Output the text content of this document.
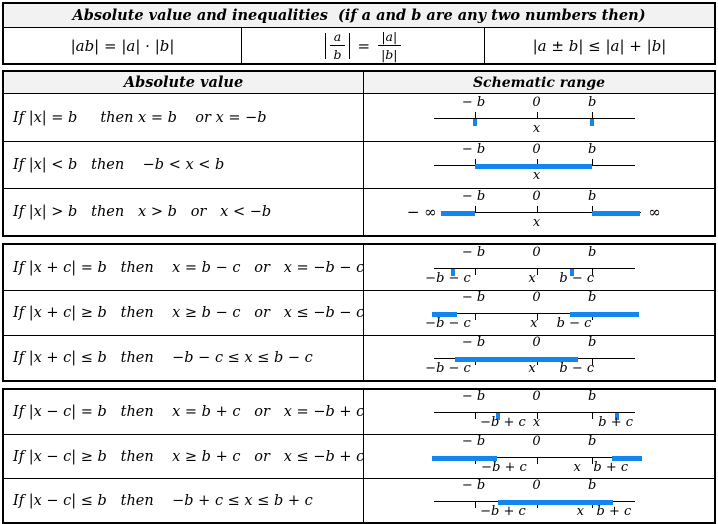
Absolute value and inequalities  (if a and b are any two numbers then)
|ab| = |a| · |b|	$\frac{a}{b} = \frac{|a|}{|b|}$	|a ± b| ≤ |a| + |b|
Absolute value	Schematic range
If |x| = b     then x = b    or x = −b
− b	0	b
x
If |x| < b   then    −b < x < b
− b	0	b
x
If |x| > b   then   x > b   or   x < −b
− b	0	b
x
− ∞	∞
If |x + c| = b   then    x = b − c   or   x = −b − c
− b	0	b
−b − c	x b − c
If |x + c| ≥ b   then    x ≥ b − c   or   x ≤ −b − c
− b	0	b
−b − c	x b − c
If |x + c| ≤ b   then    −b − c ≤ x ≤ b − c
− b	0	b
−b − c	x b − c
If |x − c| = b   then    x = b + c   or   x = −b + c
− b	0	b
−b + c x	b + c
If |x − c| ≥ b   then    x ≥ b + c   or   x ≤ −b + c
− b	0	b
−b + c	x b + c
If |x − c| ≤ b   then    −b + c ≤ x ≤ b + c
− b	0	b
−b + c	x b + c
